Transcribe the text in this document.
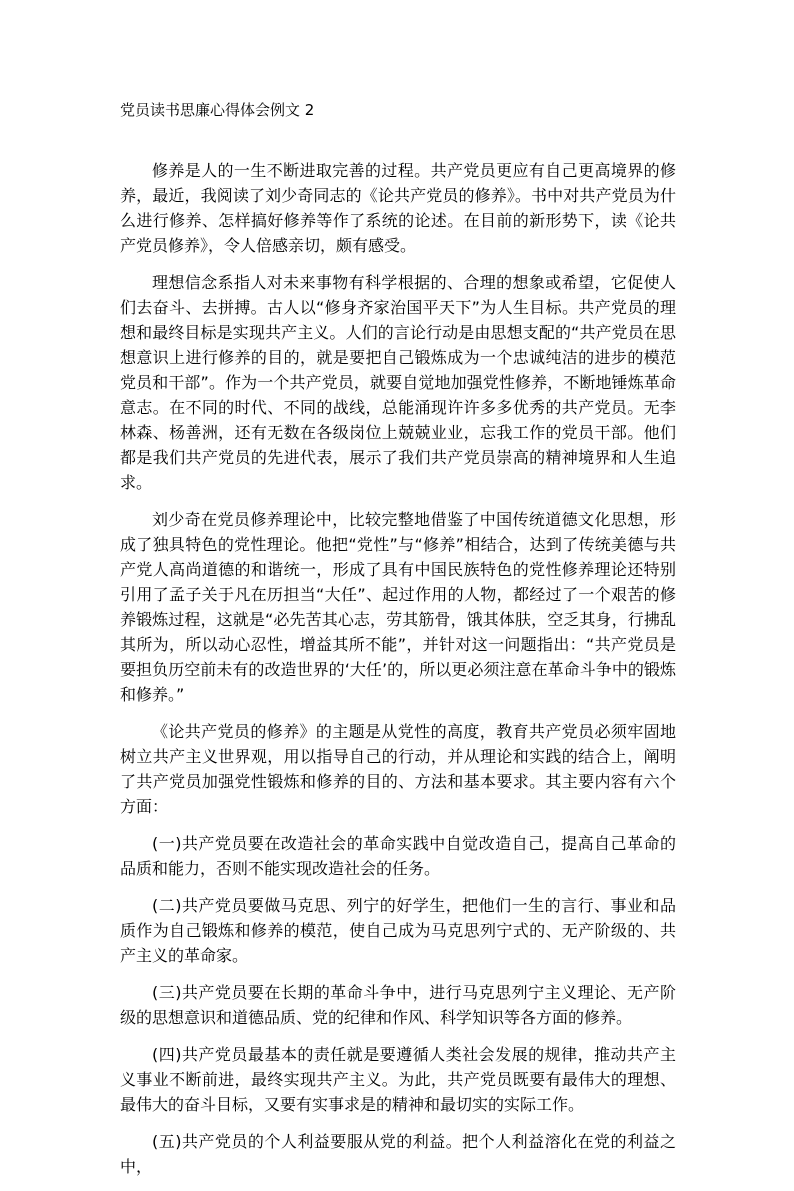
党员读书思廉心得体会例文 2

修养是人的一生不断进取完善的过程。共产党员更应有自己更高境界的修养，最近，我阅读了刘少奇同志的《论共产党员的修养》。书中对共产党员为什么进行修养、怎样搞好修养等作了系统的论述。在目前的新形势下，读《论共产党员修养》，令人倍感亲切，颇有感受。

理想信念系指人对未来事物有科学根据的、合理的想象或希望，它促使人们去奋斗、去拼搏。古人以“修身齐家治国平天下”为人生目标。共产党员的理想和最终目标是实现共产主义。人们的言论行动是由思想支配的“共产党员在思想意识上进行修养的目的，就是要把自己锻炼成为一个忠诚纯洁的进步的模范党员和干部”。作为一个共产党员，就要自觉地加强党性修养，不断地锤炼革命意志。在不同的时代、不同的战线，总能涌现许许多多优秀的共产党员。无李林森、杨善洲，还有无数在各级岗位上兢兢业业，忘我工作的党员干部。他们都是我们共产党员的先进代表，展示了我们共产党员崇高的精神境界和人生追求。

刘少奇在党员修养理论中，比较完整地借鉴了中国传统道德文化思想，形成了独具特色的党性理论。他把“党性”与“修养”相结合，达到了传统美德与共产党人高尚道德的和谐统一，形成了具有中国民族特色的党性修养理论还特别引用了孟子关于凡在历担当“大任”、起过作用的人物，都经过了一个艰苦的修养锻炼过程，这就是“必先苦其心志，劳其筋骨，饿其体肤，空乏其身，行拂乱其所为，所以动心忍性，增益其所不能”，并针对这一问题指出：“共产党员是要担负历空前未有的改造世界的‘大任’的，所以更必须注意在革命斗争中的锻炼和修养。”

《论共产党员的修养》的主题是从党性的高度，教育共产党员必须牢固地树立共产主义世界观，用以指导自己的行动，并从理论和实践的结合上，阐明了共产党员加强党性锻炼和修养的目的、方法和基本要求。其主要内容有六个方面：

(一)共产党员要在改造社会的革命实践中自觉改造自己，提高自己革命的品质和能力，否则不能实现改造社会的任务。

(二)共产党员要做马克思、列宁的好学生，把他们一生的言行、事业和品质作为自己锻炼和修养的模范，使自己成为马克思列宁式的、无产阶级的、共产主义的革命家。

(三)共产党员要在长期的革命斗争中，进行马克思列宁主义理论、无产阶级的思想意识和道德品质、党的纪律和作风、科学知识等各方面的修养。

(四)共产党员最基本的责任就是要遵循人类社会发展的规律，推动共产主义事业不断前进，最终实现共产主义。为此，共产党员既要有最伟大的理想、最伟大的奋斗目标，又要有实事求是的精神和最切实的实际工作。

(五)共产党员的个人利益要服从党的利益。把个人利益溶化在党的利益之中，
